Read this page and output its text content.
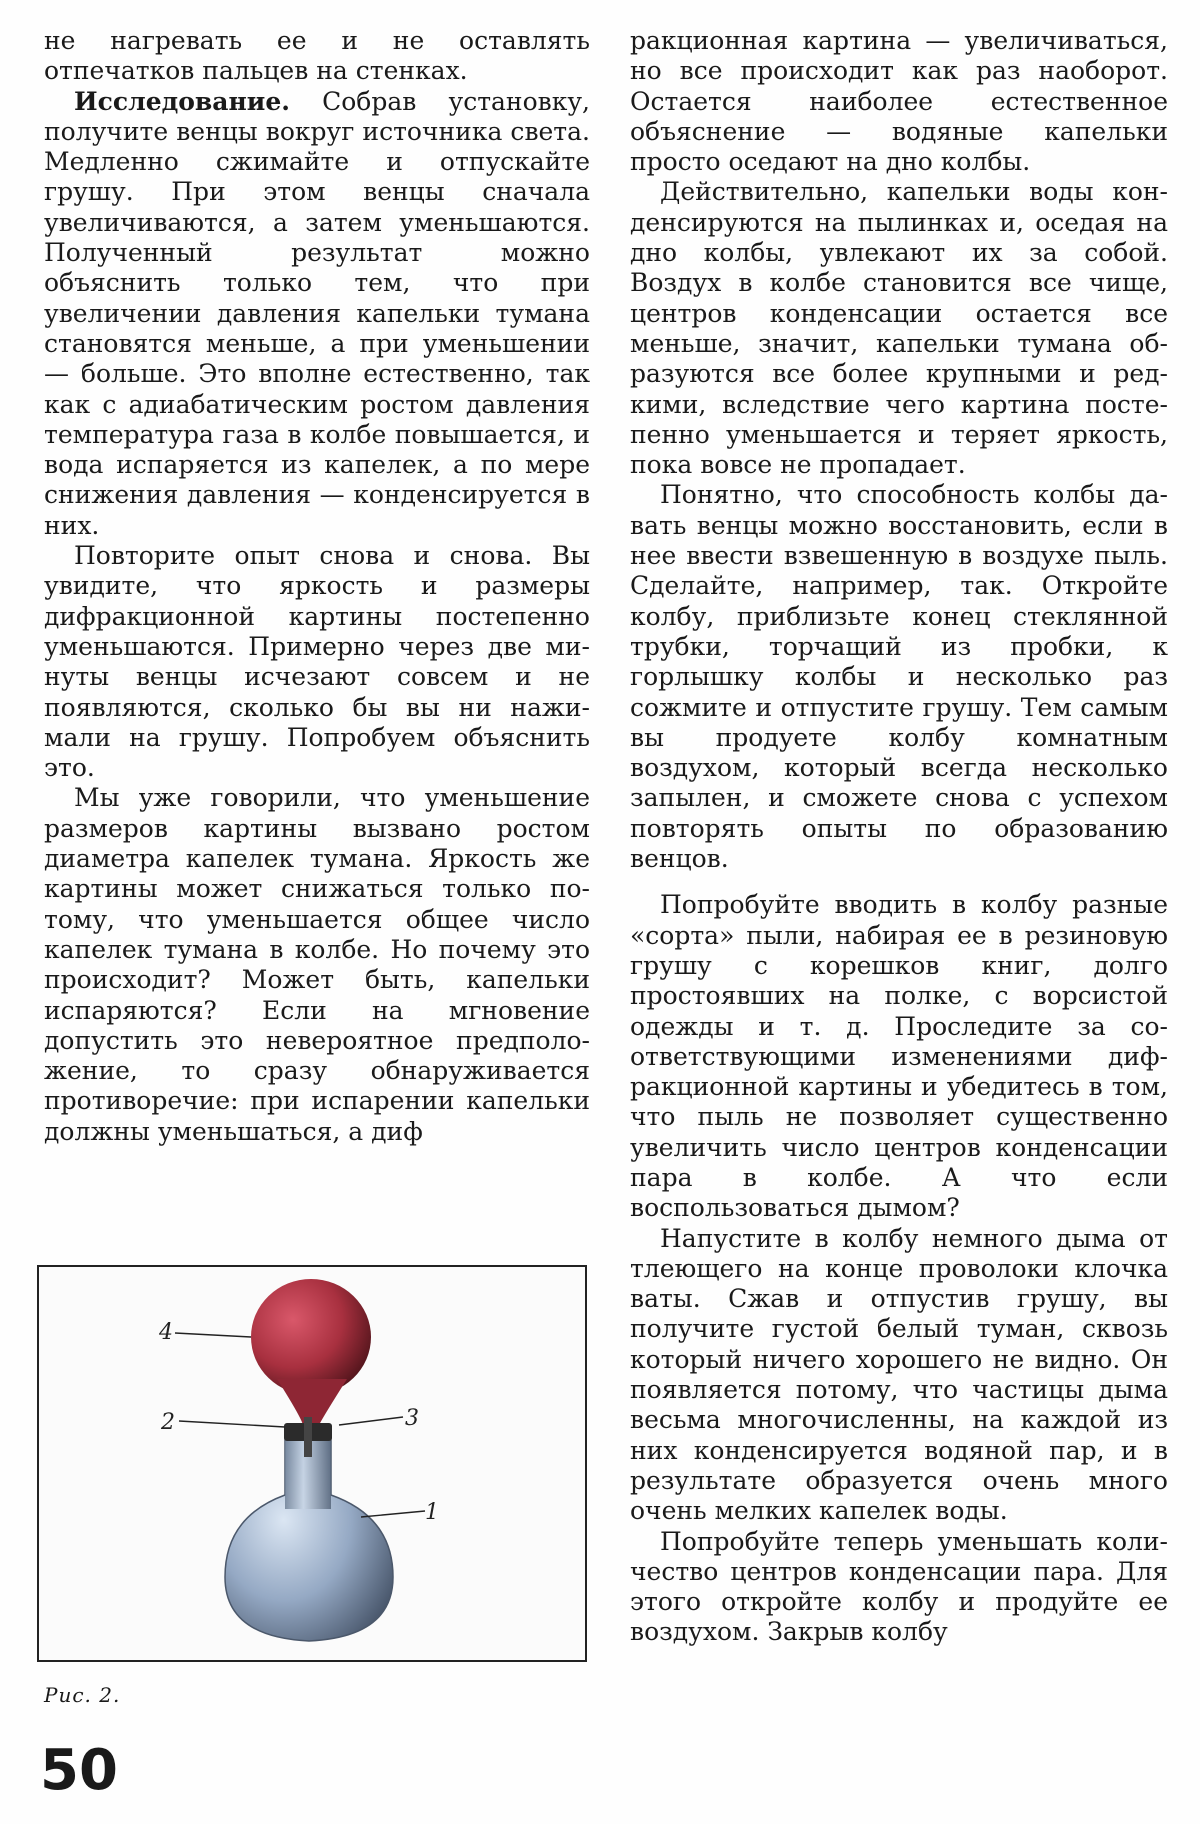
не нагревать ее и не оставлять отпечатков пальцев на стенках.

Исследование. Собрав установку, получите венцы вокруг источника света. Медленно сжимайте и отпускайте грушу. При этом венцы сначала увеличиваются, а затем уменьшаются. Полученный результат можно объяснить только тем, что при увеличении давления капельки тумана становятся меньше, а при уменьшении — больше. Это вполне естественно, так как с адиабатическим ростом давления температура газа в колбе повышается, и вода испаряется из капелек, а по мере снижения давления — конденсируется в них.

Повторите опыт снова и снова. Вы увидите, что яркость и размеры дифракционной картины постепенно уменьшаются. Примерно через две минуты венцы исчезают совсем и не появляются, сколько бы вы ни нажимали на грушу. Попробуем объяснить это.

Мы уже говорили, что уменьшение размеров картины вызвано ростом диаметра капелек тумана. Яркость же картины может снижаться только потому, что уменьшается общее число капелек тумана в колбе. Но почему это происходит? Может быть, капельки испаряются? Если на мгновение допустить это невероятное предположение, то сразу обнаруживается противоречие: при испарении капельки должны уменьшаться, а диф

ракционная картина — увеличиваться, но все происходит как раз наоборот. Остается наиболее естественное объяснение — водяные капельки просто оседают на дно колбы.

Действительно, капельки воды конденсируются на пылинках и, оседая на дно колбы, увлекают их за собой. Воздух в колбе становится все чище, центров конденсации остается все меньше, значит, капельки тумана образуются все более крупными и редкими, вследствие чего картина постепенно уменьшается и теряет яркость, пока вовсе не пропадает.

Понятно, что способность колбы давать венцы можно восстановить, если в нее ввести взвешенную в воздухе пыль. Сделайте, например, так. Откройте колбу, приблизьте конец стеклянной трубки, торчащий из пробки, к горлышку колбы и несколько раз сожмите и отпустите грушу. Тем самым вы продуете колбу комнатным воздухом, который всегда несколько запылен, и сможете снова с успехом повторять опыты по образованию венцов.

Попробуйте вводить в колбу разные «сорта» пыли, набирая ее в резиновую грушу с корешков книг, долго простоявших на полке, с ворсистой одежды и т. д. Проследите за соответствующими изменениями дифракционной картины и убедитесь в том, что пыль не позволяет существенно увеличить число центров конденсации пара в колбе. А что если воспользоваться дымом?

Напустите в колбу немного дыма от тлеющего на конце проволоки клочка ваты. Сжав и отпустив грушу, вы получите густой белый туман, сквозь который ничего хорошего не видно. Он появляется потому, что частицы дыма весьма многочисленны, на каждой из них конденсируется водяной пар, и в результате образуется очень много очень мелких капелек воды.

Попробуйте теперь уменьшать количество центров конденсации пара. Для этого откройте колбу и продуйте ее воздухом. Закрыв колбу

1
2	3
4
Рис. 2.
50
